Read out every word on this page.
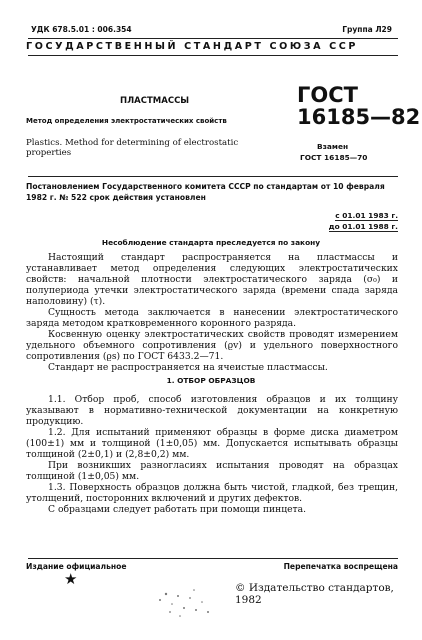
УДК 678.5.01 : 006.354	Группа Л29
ГОСУДАРСТВЕННЫЙ СТАНДАРТ СОЮЗА ССР
ПЛАСТМАССЫ
Метод определения электростатических свойств
ГОСТ
16185—82
Plastics. Method for determining of electrostatic properties
Взамен
ГОСТ 16185—70
Постановлением Государственного комитета СССР по стандартам от 10 февраля 1982 г. № 522 срок действия установлен
с 01.01 1983 г.
до 01.01 1988 г.
Несоблюдение стандарта преследуется по закону

Настоящий стандарт распространяется на пластмассы и устанавливает метод определения следующих электростатических свойств: начальной плотности электростатического заряда (σ₀) и полупериода утечки электростатического заряда (времени спада заряда наполовину) (τ).

Сущность метода заключается в нанесении электростатического заряда методом кратковременного коронного разряда.

Косвенную оценку электростатических свойств проводят измерением удельного объемного сопротивления (ϱv) и удельного поверхностного сопротивления (ϱs) по ГОСТ 6433.2—71.

Стандарт не распространяется на ячеистые пластмассы.

1. ОТБОР ОБРАЗЦОВ

1.1. Отбор проб, способ изготовления образцов и их толщину указывают в нормативно-технической документации на конкретную продукцию.

1.2. Для испытаний применяют образцы в форме диска диаметром (100±1) мм и толщиной (1±0,05) мм. Допускается испытывать образцы толщиной (2±0,1) и (2,8±0,2) мм.

При возникших разногласиях испытания проводят на образцах толщиной (1±0,05) мм.

1.3. Поверхность образцов должна быть чистой, гладкой, без трещин, утолщений, посторонних включений и других дефектов.

С образцами следует работать при помощи пинцета.

Издание официальное	Перепечатка воспрещена
★	© Издательство стандартов, 1982
